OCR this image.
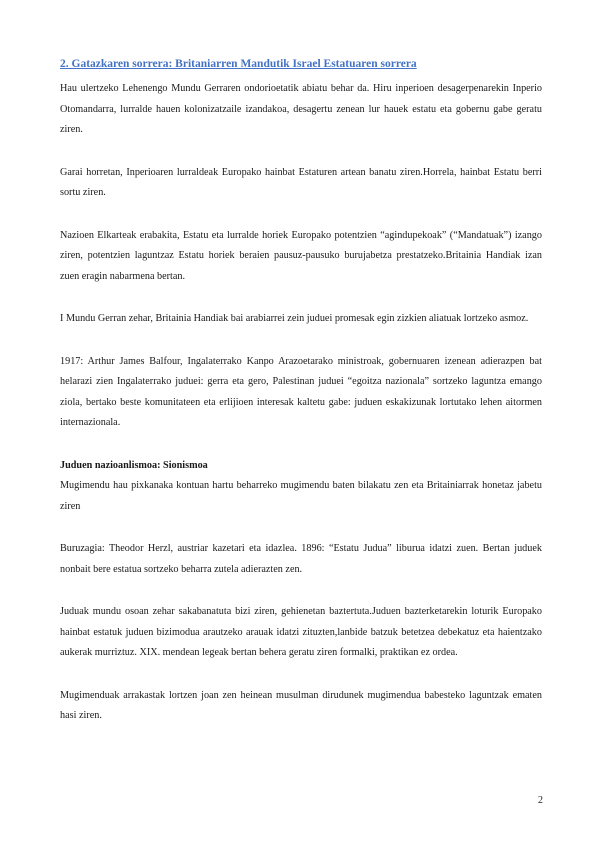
2. Gatazkaren sorrera: Britaniarren Mandutik Israel Estatuaren sorrera

Hau ulertzeko Lehenengo Mundu Gerraren ondorioetatik abiatu behar da. Hiru inperioen desagerpenarekin Inperio Otomandarra, lurralde hauen kolonizatzaile izandakoa, desagertu zenean lur hauek estatu eta gobernu gabe geratu ziren.

Garai horretan, Inperioaren lurraldeak Europako hainbat Estaturen artean banatu ziren.Horrela, hainbat Estatu berri sortu ziren.

Nazioen Elkarteak erabakita, Estatu eta lurralde horiek Europako potentzien “agindupekoak” (“Mandatuak”) izango ziren, potentzien laguntzaz Estatu horiek beraien pausuz-pausuko burujabetza prestatzeko.Britainia Handiak izan zuen eragin nabarmena bertan.

I Mundu Gerran zehar, Britainia Handiak bai arabiarrei zein juduei promesak egin zizkien aliatuak lortzeko asmoz.

1917: Arthur James Balfour, Ingalaterrako Kanpo Arazoetarako ministroak, gobernuaren izenean adierazpen bat helarazi zien Ingalaterrako juduei: gerra eta gero, Palestinan juduei “egoitza nazionala” sortzeko laguntza emango ziola, bertako beste komunitateen eta erlijioen interesak kaltetu gabe: juduen eskakizunak lortutako lehen aitormen internazionala.

Juduen nazioanlismoa: Sionismoa

Mugimendu hau pixkanaka kontuan hartu beharreko mugimendu baten bilakatu zen eta Britainiarrak honetaz jabetu ziren

Buruzagia: Theodor Herzl, austriar kazetari eta idazlea. 1896: “Estatu Judua” liburua idatzi zuen. Bertan juduek nonbait bere estatua sortzeko beharra zutela adierazten zen.

Juduak mundu osoan zehar sakabanatuta bizi ziren, gehienetan baztertuta.Juduen bazterketarekin loturik Europako hainbat estatuk juduen bizimodua arautzeko arauak idatzi zituzten,lanbide batzuk betetzea debekatuz eta haientzako aukerak murriztuz. XIX. mendean legeak bertan behera geratu ziren formalki, praktikan ez ordea.

Mugimenduak arrakastak lortzen joan zen heinean musulman dirudunek mugimendua babesteko laguntzak ematen hasi ziren.

2
